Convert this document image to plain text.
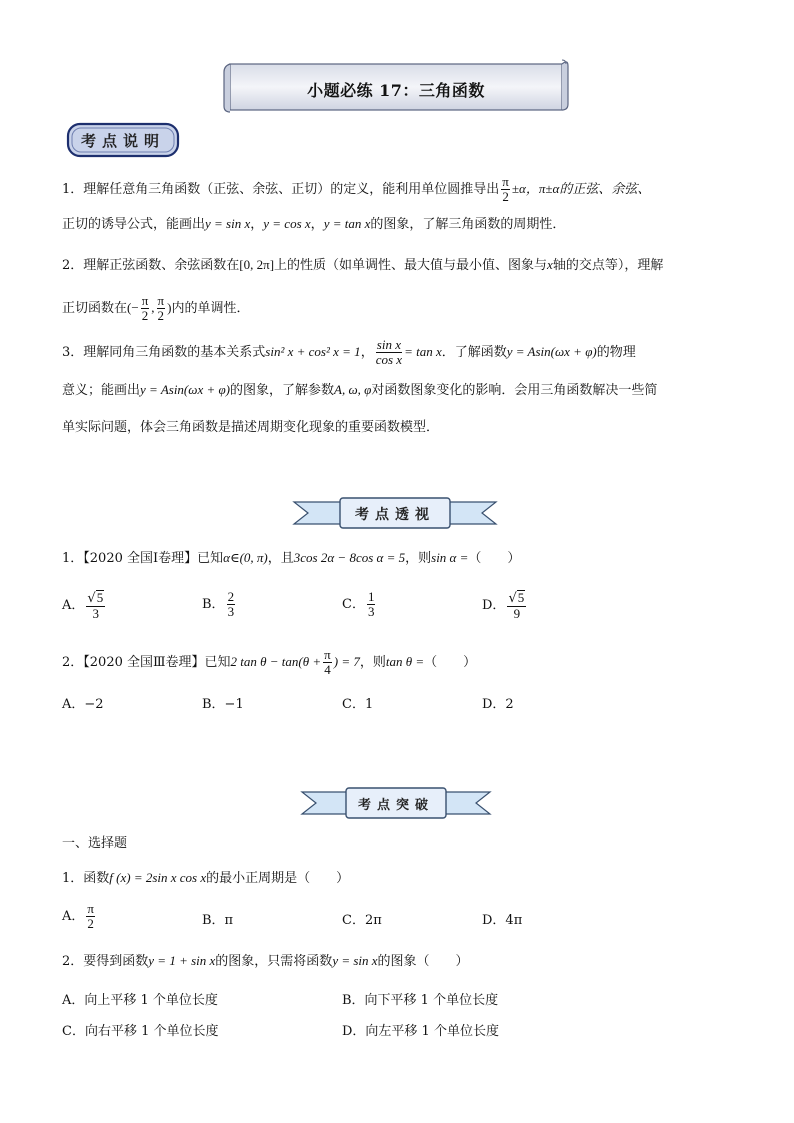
小题必练 17：三角函数
考点说明
1．理解任意角三角函数（正弦、余弦、正切）的定义，能利用单位圆推导出 $\frac{\pi}{2} \pm\alpha$，π±α的正弦、余弦、
正切的诱导公式，能画出y = sin x，y = cos x，y = tan x的图象，了解三角函数的周期性．
2．理解正弦函数、余弦函数在[0, 2π]上的性质（如单调性、最大值与最小值、图象与x轴的交点等），理解
正切函数在(− $\frac{\pi}{2}$ , $\frac{\pi}{2}$ )内的单调性．
3．理解同角三角函数的基本关系式sin² x + cos² x = 1， $\frac{\text{sin x}}{\text{cos x}} = \tan x$．了解函数y = Asin(ωx + φ)的物理
意义；能画出y = Asin(ωx + φ)的图象，了解参数A, ω, φ对函数图象变化的影响．会用三角函数解决一些简
单实际问题，体会三角函数是描述周期变化现象的重要函数模型．
考点透视
1．【2020 全国Ⅰ卷理】已知α∈(0, π)，且3cos 2α − 8cos α = 5，则sin α =（　　）
A． $\frac{√5}{3}$	B． $\frac{2}{3}$	C． $\frac{1}{3}$	D． $\frac{√5}{9}$
2．【2020 全国Ⅲ卷理】已知2 $\tan \theta - \tan(\theta + \frac{\pi}{4}$ ) = 7，则tan θ =（　　）
A．−2	B．−1	C．1	D．2
考点突破
一、选择题
1．函数f (x) = 2sin x cos x的最小正周期是（　　）
A． $\frac{\pi}{2}$	B．π	C．2π	D．4π
2．要得到函数y = 1 + sin x的图象，只需将函数y = sin x的图象（　　）
A．向上平移 1 个单位长度	B．向下平移 1 个单位长度
C．向右平移 1 个单位长度	D．向左平移 1 个单位长度
